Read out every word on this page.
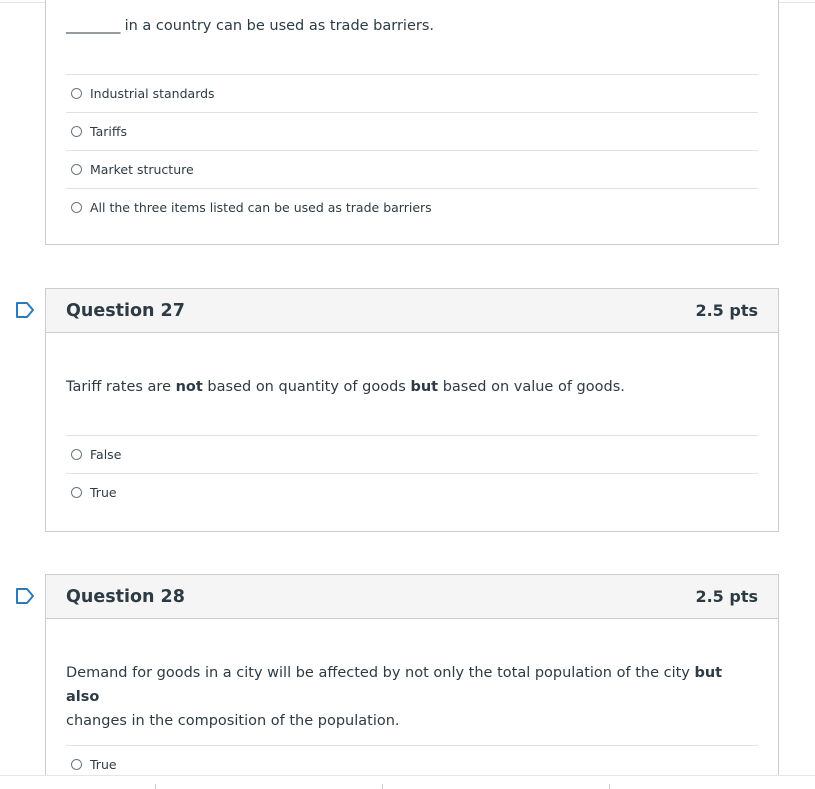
________ in a country can be used as trade barriers.
Industrial standards
Tariffs
Market structure
All the three items listed can be used as trade barriers
Question 27	2.5 pts
Tariff rates are not based on quantity of goods but based on value of goods.
False
True
Question 28	2.5 pts
Demand for goods in a city will be affected by not only the total population of the city but also
changes in the composition of the population.
True
